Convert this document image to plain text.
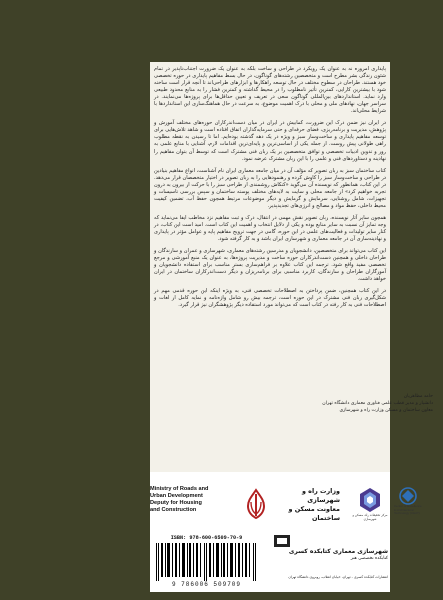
پایداری امروزه نه به عنوان یک رویکرد در طراحی و ساخت بلکه به عنوان یک ضرورت اجتناب‌ناپذیر در تمام شئون زندگی بشر مطرح است و متخصصین رشته‌های گوناگون، در حال بسط مفاهیم پایداری در حوزه تخصصی خود هستند. طراحان در سطوح مختلف در حال توسعه راهکارها و ابزارهای طراحی‌اند تا آنچه قرار است ساخته شود با بیشترین کارایی، کمترین تأثیر نامطلوب را در محیط گذاشته و کمترین فشار را به منابع محدود طبیعی وارد نماید. استانداردهای بین‌المللی گوناگون سعی در تعریف و تعیین حداقل‌ها برای پروژه‌ها می‌نمایند. در سراسر جهان، نهادهای ملی و محلی با درک اهمیت موضوع، به سرعت در حال هماهنگ‌سازی این استانداردها با شرایط محلی‌اند.

در ایران نیز ضمن درک این ضرورت، کمابیش در ایران در میان دست‌اندرکاران حوزه‌های مختلف آموزش و پژوهش، مدیریت و برنامه‌ریزی، فضای حرفه‌ای و حتی سرمایه‌گذاران اتفاق افتاده است و شاهد تلاش‌هایی برای توسعه مفاهیم پایداری و ساخت‌وساز سبز و ویژه در یک دهه گذشته بوده‌ایم. اما تا رسیدن به نقطه مطلوب راهی طولانی پیش روست. از جمله یکی از اساسی‌ترین و پایه‌ای‌ترین اقدامات لازم، آشنایی با منابع علمی به روز و تدوین ادبیات تخصصی و توافق متخصصین بر یک زبان فنی مشترک است که توسط آن بتوان مفاهیم را نهادینه و دستاوردهای فنی و علمی را با این زبان مشترک عرضه نمود.

کتاب ساختمان سبز به زبان تصویر که مؤلف آن در میان جامعه معماری ایران نام آشناست، انواع مفاهیم بنیادین در طراحی و ساخت‌وساز سبز را کاوش کرده و رهنمودهایی را به زبان تصویر در اختیار متخصصان قرار می‌دهد. در این کتاب، همانطور که نویسنده آن می‌گوید «کنکاش روشمندی از طراحی سبز را با حرکت از بیرون به درون تجربه خواهیم کرد» از جامعه محلی و سایت به لایه‌های مختلف پوسته ساختمان و سپس بررسی تاسیسات و تجهیزات، شامل روشنایی، سرمایش و گرمایش و دیگر موضوعات مرتبط همچون حفظ آب، تضمین کیفیت محیط داخلی، حفظ مواد و مصالح و انرژی‌های تجدیدپذیر.

همچون سایر آثار نویسنده، زبان تصویر نقش مهمی در انتقال، درک و ثبت مفاهیم نزد مخاطب ایفا می‌نماید که وجه تمایز آن نسبت به سایر منابع بوده و یکی از دلایل انتخاب و اهمیت این کتاب است. امید است این کتاب، در کنار سایر تولیدات و فعالیت‌های علمی در این حوزه، گامی در جهت ترویج مفاهیم پایه و عوامل مؤثر در پایداری و نهادینه‌سازی آن در جامعه معماری و شهرسازی ایران باشد و به کار گرفته شود.

این کتاب می‌تواند برای متخصصین، دانشجویان و مدرسین رشته‌های معماری، شهرسازی و عمران و سازندگان و طراحان داخلی و همچنین دست‌اندرکاران حوزه ساخت و مدیریت پروژه‌ها، به عنوان یک منبع آموزشی و مرجع تخصصی مفید واقع شود. ترجمه این کتاب علاوه بر فراهم‌سازی بستر مناسب برای استفاده دانشجویان و آموزگاران طراحان و سازندگان، کاربرد مناسبی برای برنامه‌ریزان و دیگر دست‌اندرکاران ساختمان در ایران خواهد داشت.

در این کتاب همچنین، ضمن پرداختن به اصطلاحات تخصصی فنی، به ویژه اینکه این حوزه قدمی مهم در شکل‌گیری زبان فنی مشترک در این حوزه است، ترجمه بیش رو شامل واژه‌نامه و نمایه کامل از لغات و اصطلاحات فنی به کار رفته در کتاب است که می‌تواند مورد استفاده دیگر پژوهشگران نیز قرار گیرد.

حامد مظاهریان
دانشیار و مدیر قطب علمی فناوری معماری دانشگاه تهران
معاون ساختمان و مسکن وزارت راه و شهرسازی
Ministry of Roads and
Urban Development
Deputy for Housing
and Construction
وزارت راه و شهرسازی
معاونت مسکن و ساختمان	مرکز تحقیقات راه، مسکن و شهرسازی
Center of Excellence in Architectural Technology (CEAT)
ISBN: 978-600-6509-70-9
9 786006 509709
شهرسازی معماری کتابکده کسری
کتابکده تخصصی هنر
انتشارات کتابکده کسری - تهران، خیابان انقلاب، روبروی دانشگاه تهران
